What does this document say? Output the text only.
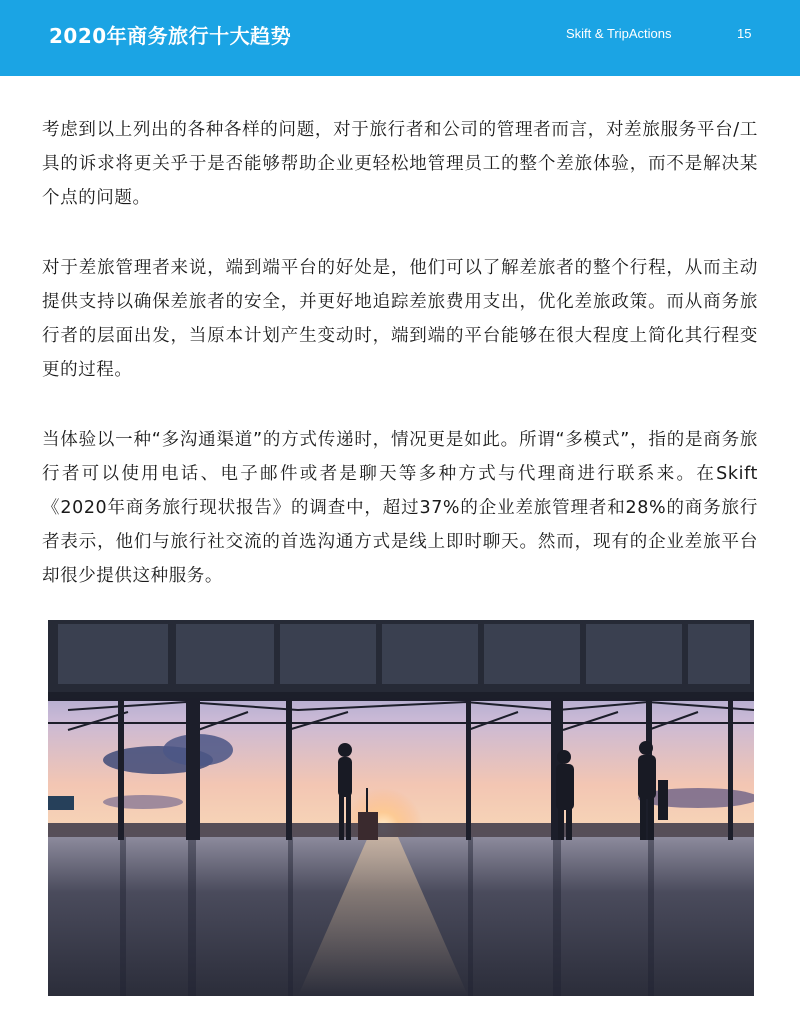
2020年商务旅行十大趋势	Skift & TripActions	15

考虑到以上列出的各种各样的问题，对于旅行者和公司的管理者而言，对差旅服务平台/工具的诉求将更关乎于是否能够帮助企业更轻松地管理员工的整个差旅体验，而不是解决某个点的问题。

对于差旅管理者来说，端到端平台的好处是，他们可以了解差旅者的整个行程，从而主动提供支持以确保差旅者的安全，并更好地追踪差旅费用支出，优化差旅政策。而从商务旅行者的层面出发，当原本计划产生变动时，端到端的平台能够在很大程度上简化其行程变更的过程。

当体验以一种“多沟通渠道”的方式传递时，情况更是如此。所谓“多模式”，指的是商务旅行者可以使用电话、电子邮件或者是聊天等多种方式与代理商进行联系来。在Skift《2020年商务旅行现状报告》的调查中，超过37%的企业差旅管理者和28%的商务旅行者表示，他们与旅行社交流的首选沟通方式是线上即时聊天。然而，现有的企业差旅平台却很少提供这种服务。
